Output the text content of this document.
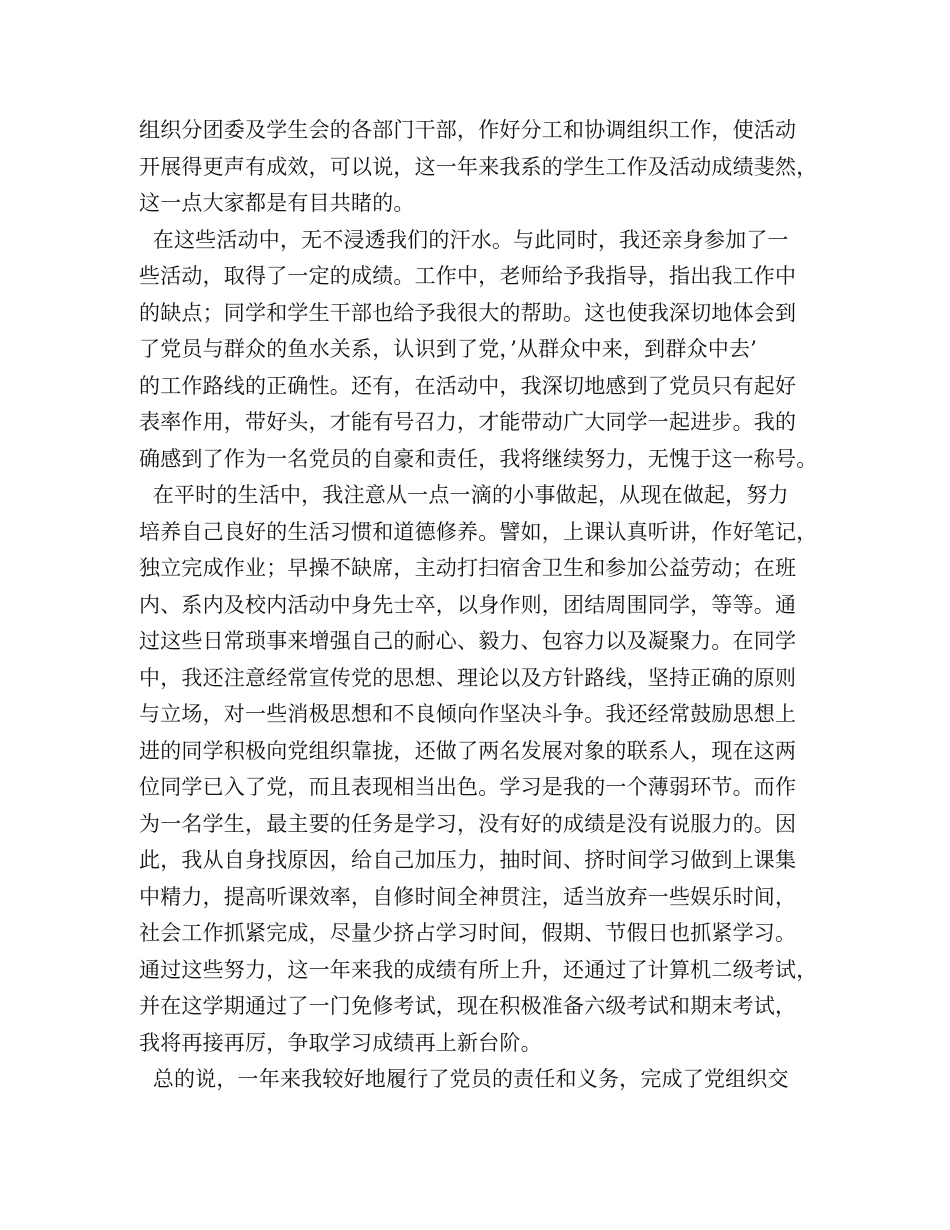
组织分团委及学生会的各部门干部，作好分工和协调组织工作，使活动
开展得更声有成效，可以说，这一年来我系的学生工作及活动成绩斐然，
这一点大家都是有目共睹的。
在这些活动中，无不浸透我们的汗水。与此同时，我还亲身参加了一
些活动，取得了一定的成绩。工作中，老师给予我指导，指出我工作中
的缺点；同学和学生干部也给予我很大的帮助。这也使我深切地体会到
了党员与群众的鱼水关系，认识到了党，’从群众中来，到群众中去’
的工作路线的正确性。还有，在活动中，我深切地感到了党员只有起好
表率作用，带好头，才能有号召力，才能带动广大同学一起进步。我的
确感到了作为一名党员的自豪和责任，我将继续努力，无愧于这一称号。
在平时的生活中，我注意从一点一滴的小事做起，从现在做起，努力
培养自己良好的生活习惯和道德修养。譬如，上课认真听讲，作好笔记，
独立完成作业；早操不缺席，主动打扫宿舍卫生和参加公益劳动；在班
内、系内及校内活动中身先士卒，以身作则，团结周围同学，等等。通
过这些日常琐事来增强自己的耐心、毅力、包容力以及凝聚力。在同学
中，我还注意经常宣传党的思想、理论以及方针路线，坚持正确的原则
与立场，对一些消极思想和不良倾向作坚决斗争。我还经常鼓励思想上
进的同学积极向党组织靠拢，还做了两名发展对象的联系人，现在这两
位同学已入了党，而且表现相当出色。学习是我的一个薄弱环节。而作
为一名学生，最主要的任务是学习，没有好的成绩是没有说服力的。因
此，我从自身找原因，给自己加压力，抽时间、挤时间学习做到上课集
中精力，提高听课效率，自修时间全神贯注，适当放弃一些娱乐时间，
社会工作抓紧完成，尽量少挤占学习时间，假期、节假日也抓紧学习。
通过这些努力，这一年来我的成绩有所上升，还通过了计算机二级考试，
并在这学期通过了一门免修考试，现在积极准备六级考试和期末考试，
我将再接再厉，争取学习成绩再上新台阶。
总的说，一年来我较好地履行了党员的责任和义务，完成了党组织交
